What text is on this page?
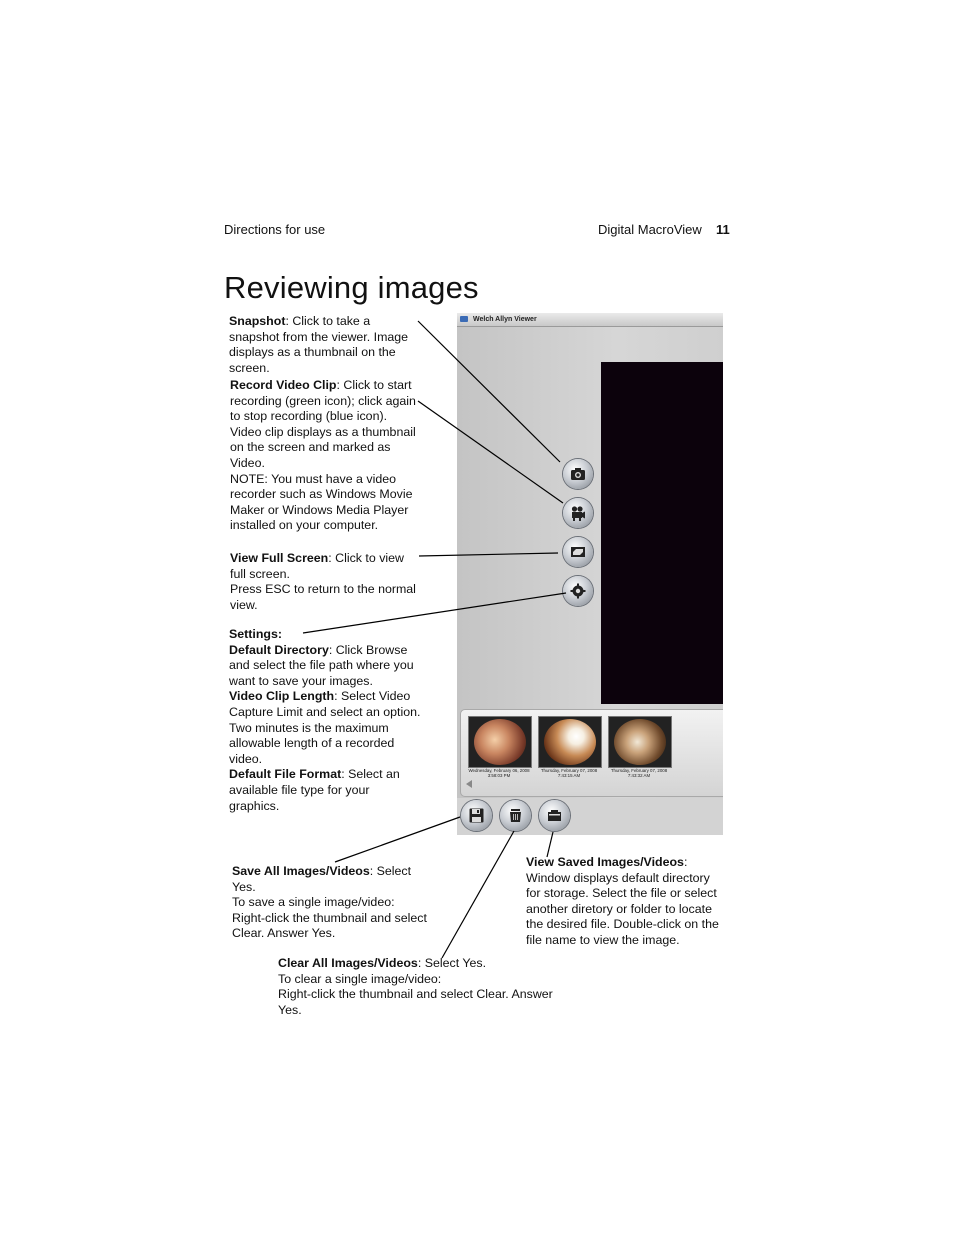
Directions for use	Digital MacroView 11
Reviewing images
Welch Allyn Viewer
Wednesday, February 06, 2008
3:58:03 PM
Thursday, February 07, 2008
7:43:15 AM
Thursday, February 07, 2008
7:43:32 AM
Snapshot: Click to take a snapshot from the viewer. Image displays as a thumbnail on the screen.
Record Video Clip: Click to start recording (green icon); click again to stop recording (blue icon). Video clip displays as a thumbnail on the screen and marked as Video.
NOTE: You must have a video recorder such as Windows Movie Maker or Windows Media Player installed on your computer.
View Full Screen: Click to view full screen.
Press ESC to return to the normal view.
Settings:
Default Directory: Click Browse and select the file path where you want to save your images.
Video Clip Length: Select Video Capture Limit and select an option. Two minutes is the maximum allowable length of a recorded video.
Default File Format: Select an available file type for your graphics.
Save All Images/Videos: Select Yes.
To save a single image/video:
Right-click the thumbnail and select Clear. Answer Yes.
View Saved Images/Videos:
Window displays default directory for storage. Select the file or select another diretory or folder to locate the desired file. Double-click on the file name to view the image.
Clear All Images/Videos: Select Yes.
To clear a single image/video:
Right-click the thumbnail and select Clear. Answer Yes.
